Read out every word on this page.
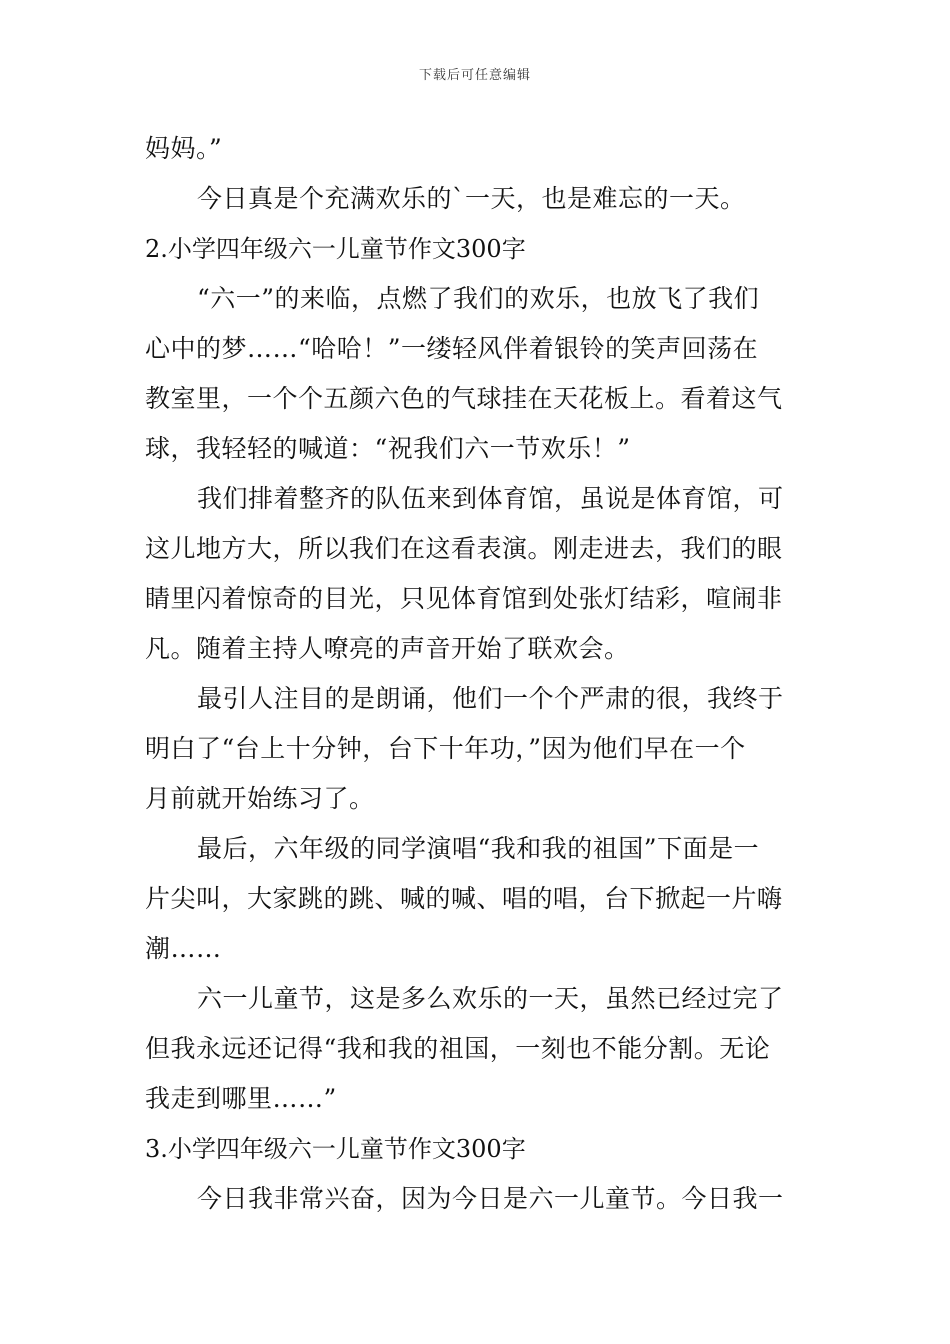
下载后可任意编辑
妈妈。”
今日真是个充满欢乐的`一天，也是难忘的一天。
2.小学四年级六一儿童节作文300字
“六一”的来临，点燃了我们的欢乐，也放飞了我们
心中的梦……“哈哈！”一缕轻风伴着银铃的笑声回荡在
教室里，一个个五颜六色的气球挂在天花板上。看着这气
球，我轻轻的喊道：“祝我们六一节欢乐！”
我们排着整齐的队伍来到体育馆，虽说是体育馆，可
这儿地方大，所以我们在这看表演。刚走进去，我们的眼
睛里闪着惊奇的目光，只见体育馆到处张灯结彩，喧闹非
凡。随着主持人嘹亮的声音开始了联欢会。
最引人注目的是朗诵，他们一个个严肃的很，我终于
明白了“台上十分钟，台下十年功，”因为他们早在一个
月前就开始练习了。
最后，六年级的同学演唱“我和我的祖国”下面是一
片尖叫，大家跳的跳、喊的喊、唱的唱，台下掀起一片嗨
潮……
六一儿童节，这是多么欢乐的一天，虽然已经过完了
但我永远还记得“我和我的祖国，一刻也不能分割。无论
我走到哪里……”
3.小学四年级六一儿童节作文300字
今日我非常兴奋，因为今日是六一儿童节。今日我一
